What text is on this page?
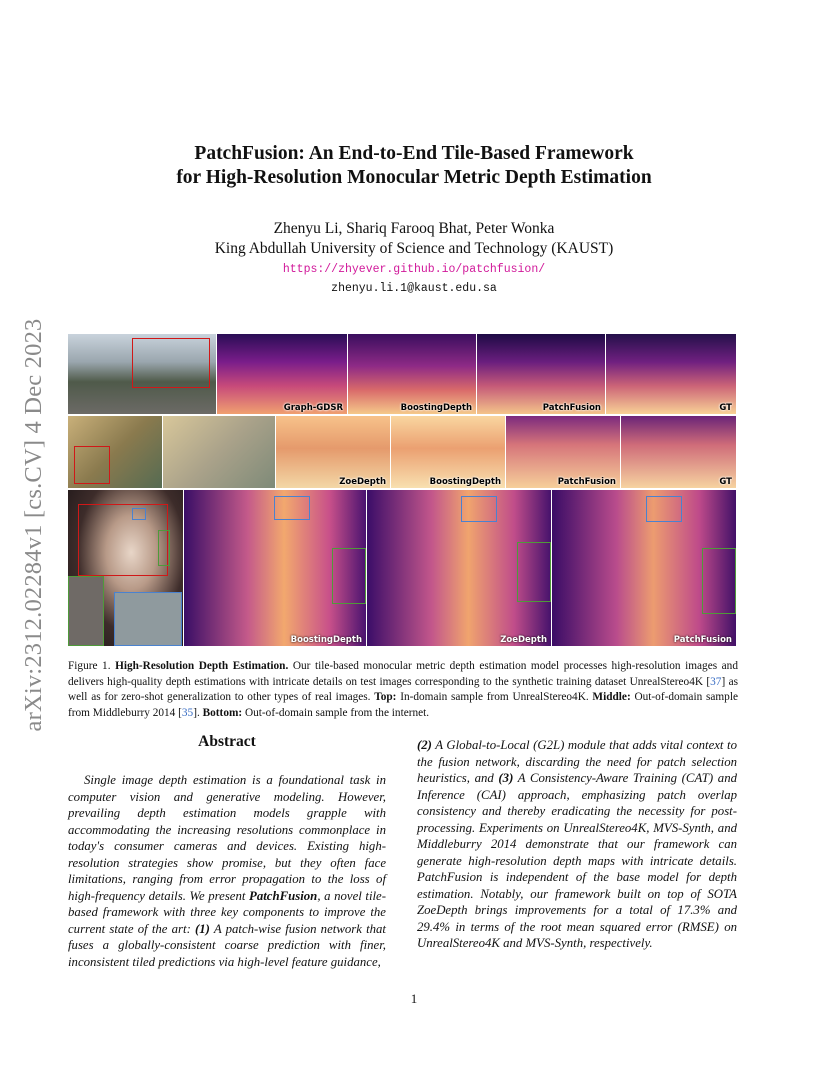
arXiv:2312.02284v1 [cs.CV] 4 Dec 2023
PatchFusion: An End-to-End Tile-Based Framework
for High-Resolution Monocular Metric Depth Estimation
Zhenyu Li, Shariq Farooq Bhat, Peter Wonka
King Abdullah University of Science and Technology (KAUST)
https://zhyever.github.io/patchfusion/
zhenyu.li.1@kaust.edu.sa
Graph-GDSR	BoostingDepth	PatchFusion	GT
ZoeDepth	BoostingDepth	PatchFusion	GT
BoostingDepth	ZoeDepth	PatchFusion
Figure 1. High-Resolution Depth Estimation. Our tile-based monocular metric depth estimation model processes high-resolution images and delivers high-quality depth estimations with intricate details on test images corresponding to the synthetic training dataset UnrealStereo4K [37] as well as for zero-shot generalization to other types of real images. Top: In-domain sample from UnrealStereo4K. Middle: Out-of-domain sample from Middleburry 2014 [35]. Bottom: Out-of-domain sample from the internet.
Abstract
Single image depth estimation is a foundational task in computer vision and generative modeling. However, prevailing depth estimation models grapple with accommodating the increasing resolutions commonplace in today's consumer cameras and devices. Existing high-resolution strategies show promise, but they often face limitations, ranging from error propagation to the loss of high-frequency details. We present PatchFusion, a novel tile-based framework with three key components to improve the current state of the art: (1) A patch-wise fusion network that fuses a globally-consistent coarse prediction with finer, inconsistent tiled predictions via high-level feature guidance,
(2) A Global-to-Local (G2L) module that adds vital context to the fusion network, discarding the need for patch selection heuristics, and (3) A Consistency-Aware Training (CAT) and Inference (CAI) approach, emphasizing patch overlap consistency and thereby eradicating the necessity for post-processing. Experiments on UnrealStereo4K, MVS-Synth, and Middleburry 2014 demonstrate that our framework can generate high-resolution depth maps with intricate details. PatchFusion is independent of the base model for depth estimation. Notably, our framework built on top of SOTA ZoeDepth brings improvements for a total of 17.3% and 29.4% in terms of the root mean squared error (RMSE) on UnrealStereo4K and MVS-Synth, respectively.
1
